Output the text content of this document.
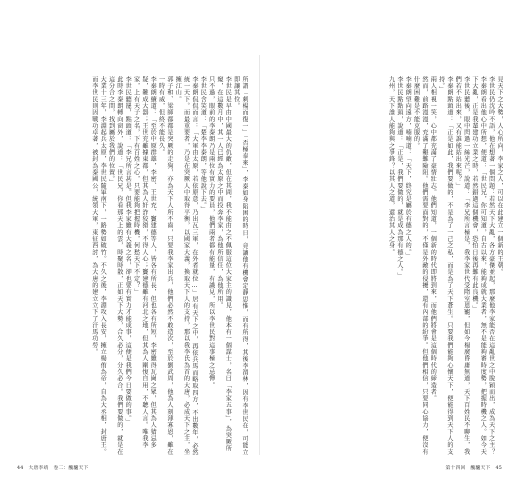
所謂「刺楊而復一」「否極泰來」，李秦如身陷困的時日，竟讓他有機會定靜思惟，而有所得，其後李渭林，因有李世民在，可能立即讓其位。

李世民是早由中國最大的仇敵，但在其間，我不能由之不佩服這位大家主的識見，他本有一個謀士，名曰「李家五事」，為突厥所窺，在這數月中，其一人已經為太原之中而投奔李家，為他所信任，為他所用。

只不過，眼前的李秦朗乃是兩位有實力的要員，他們兩者都有能量，有識見，所以李世民對這事極之忌憚。

李世民含笑道：「楚李李秦朗，等他說下去。」

李秦朗侃侃而言：「大軍由太原，若依原意，乃出瓦三軍，在外者就位…」居有天下之中，再依兵馬而略取四方，不出數年，必然統一天下。而最重要者，乃是在突厥人中取得平衡，以國家大義，換取天下人的支持，那以我李氏為首的大唐，必成天下之主，坐擁江山。

郭子和、梁師都都是突厥的走狗，亦為天下人所不齒，只要我李家出兵，他們必然不敢造次，至於劉武周，他為人刻薄寡恩，雖在一時有威，但終不能長久。

李秦朗續道：「至於中原群雄，李密、王世充、竇建德等人，皆各有所長，但也各有所短，李密雖得瓦崗之眾，但其為人猜忌多疑，難成大器；王世充雖據東都，但其為人奸詐狡猾，不得人心；竇建德雖有河北之地，但其為人剛愎自用，不聽人言。唯我李家，上有天子之名，下有百姓之心，只要能夠把握時機，何愁天下不定？」

李世民聽罷，點頭道：「李兄所言甚是。但我李家雖有大義之名，卻也要有實力才能成事，這便是我們今日要做的事。」

此時李秦朗轉向窗外，說道：「世民兄，你看那天上的雲，時聚時散，正如天下大勢，合久必分，分久必合。我們要做的，就是在這分合之間，找到屬於我們的位置。」

大業十三年，李淵起兵太原，李世民隨軍南下，一路勢如破竹。不久之後，李淵攻入長安，擁立楊侑為帝，自為大丞相，封唐王。而李世民則因戰功卓著，被封為秦國公，統領大軍，東征西討，為大唐的建立立下了汗馬功勞。

44 大唐李靖　卷二：醜驢天下

見天下之大勢，人心所向，李家之人，可以在此建立一個新的王朝。

李世民仍沈吟不語，他在想著一個問題：若然天下大亂，各方豪傑並起，那麼他李家能否在這亂世之中脫穎而出，成為天下之主？

李秦朗看出他心中所想，便道：「世民兄，你可知道，自古以來，能夠成就大業者，無不是能夠審時度勢，把握時機之人。如今天下大亂，正是我輩建功立業之時，若然錯過這個機會，恐怕日後再難有此良機。」

李世民聽後，眼中閃過一絲光芒，說道：「李兄所言極是，我李家世代受隋室恩寵，但如今楊廣昏庸無道，天下百姓民不聊生，我們若不站出來，又有誰能站出來呢？」

李秦朗點頭道：「正是如此，我們要做的，不是為了一己之私，而是為了天下蒼生。只要我們能夠心懷天下，便能得到天下人的支持。」

兩人相視一笑，心中都充滿了豪情壯志。他們知道，一個新的時代即將到來，而他們將會是這個時代的締造者。

然而，前路漫漫，充滿了艱難險阻。他們需要面對的，不僅是外敵的侵擾，還有內部的紛爭。但他們相信，只要同心協力，便沒有什麼困難是不能克服的。

李秦朗望向遠方，喃喃道：「天下，終究是屬於有德之人的。」

李世民點點頭，說道：「正是，我們要做的，就是成為那有德之人。」

九州，天下誰人能夠與之爭鋒？以其人之道，還治其人之身。

第十四回　醜驢天下 45
